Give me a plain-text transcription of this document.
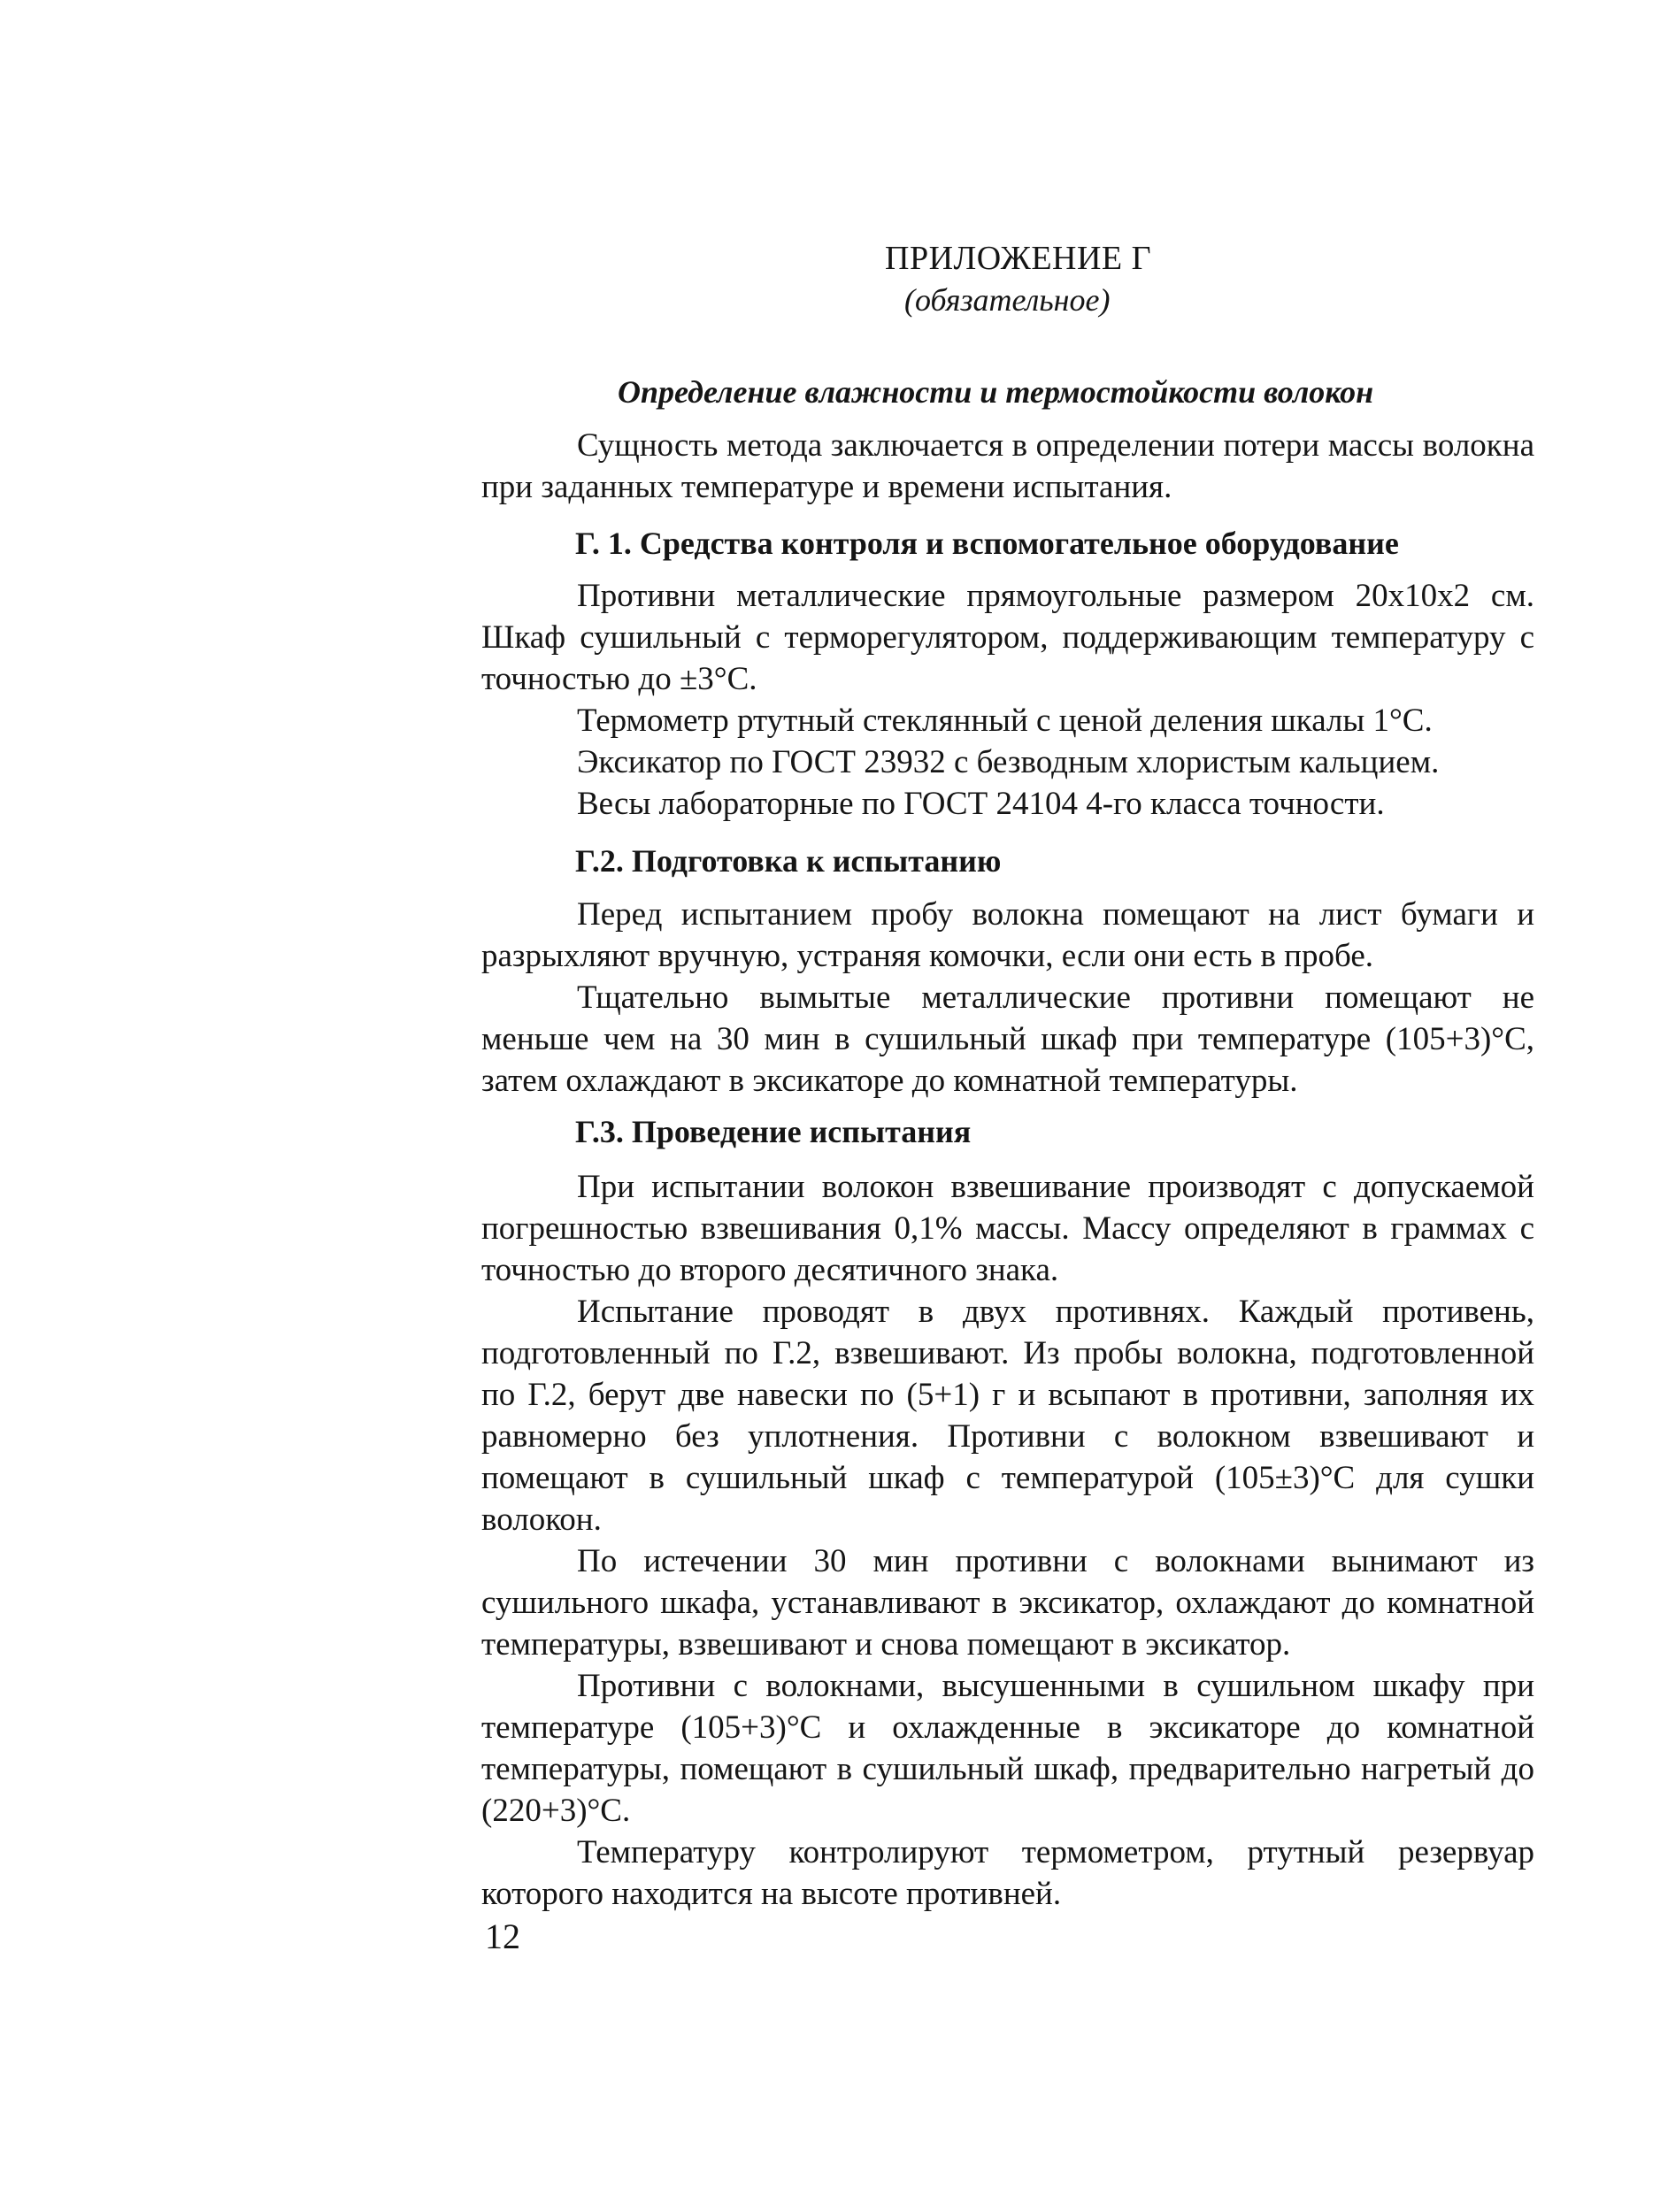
ПРИЛОЖЕНИЕ Г
(обязательное)
Определение влажности и термостойкости волокон

Сущность метода заключается в определении потери массы волокна при заданных температуре и времени испытания.

Г. 1. Средства контроля и вспомогательное оборудование

Противни металлические прямоугольные размером 20x10x2 см. Шкаф сушильный с терморегулятором, поддерживающим температуру с точностью до ±3°С.

Термометр ртутный стеклянный с ценой деления шкалы 1°С.

Эксикатор по ГОСТ 23932 с безводным хлористым кальцием.

Весы лабораторные по ГОСТ 24104 4-го класса точности.

Г.2. Подготовка к испытанию

Перед испытанием пробу волокна помещают на лист бумаги и разрыхляют вручную, устраняя комочки, если они есть в пробе.

Тщательно вымытые металлические противни помещают не меньше чем на 30 мин в сушильный шкаф при температуре (105+3)°С, затем охлаждают в эксикаторе до комнатной температуры.

Г.3. Проведение испытания

При испытании волокон взвешивание производят с допускаемой погрешностью взвешивания 0,1% массы. Массу определяют в граммах с точностью до второго десятичного знака.

Испытание проводят в двух противнях. Каждый противень, подготовленный по Г.2, взвешивают. Из пробы волокна, подготовленной по Г.2, берут две навески по (5+1) г и всыпают в противни, заполняя их равномерно без уплотнения. Противни с волокном взвешивают и помещают в сушильный шкаф с температурой (105±3)°С для сушки волокон.

По истечении 30 мин противни с волокнами вынимают из сушильного шкафа, устанавливают в эксикатор, охлаждают до комнатной температуры, взвешивают и снова помещают в эксикатор.

Противни с волокнами, высушенными в сушильном шкафу при температуре (105+3)°С и охлажденные в эксикаторе до комнатной температуры, помещают в сушильный шкаф, предварительно нагретый до (220+3)°С.

Температуру контролируют термометром, ртутный резервуар которого находится на высоте противней.

12
